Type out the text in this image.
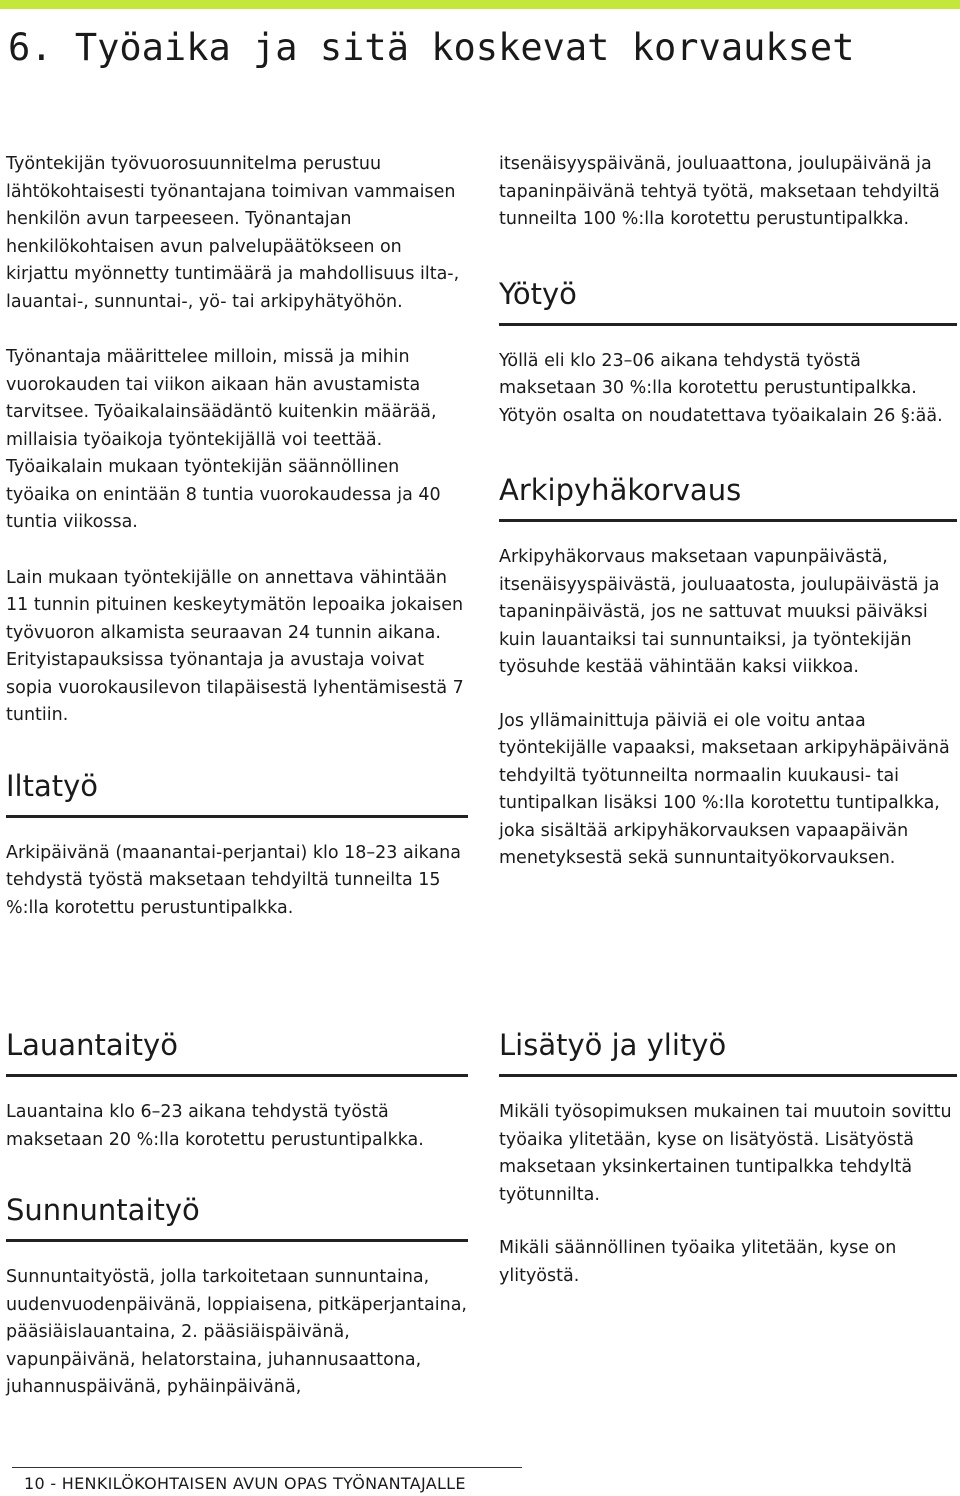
6. Työaika ja sitä koskevat korvaukset

Työntekijän työvuorosuunnitelma perustuu lähtökohtaisesti työnantajana toimivan vammaisen henkilön avun tarpeeseen. Työnantajan henkilökohtaisen avun palvelupäätökseen on kirjattu myönnetty tuntimäärä ja mahdollisuus ilta-, lauantai-, sunnuntai-, yö- tai arkipyhätyöhön.

Työnantaja määrittelee milloin, missä ja mihin vuorokauden tai viikon aikaan hän avustamista tarvitsee. Työaikalainsäädäntö kuitenkin määrää, millaisia työaikoja työntekijällä voi teettää. Työaikalain mukaan työntekijän säännöllinen työaika on enintään 8 tuntia vuorokaudessa ja 40 tuntia viikossa.

Lain mukaan työntekijälle on annettava vähintään 11 tunnin pituinen keskeytymätön lepoaika jokaisen työvuoron alkamista seuraavan 24 tunnin aikana. Erityistapauksissa työnantaja ja avustaja voivat sopia vuorokausilevon tilapäisestä lyhentämisestä 7 tuntiin.

Iltatyö

Arkipäivänä (maanantai-perjantai) klo 18–23 aikana tehdystä työstä maksetaan tehdyiltä tunneilta 15 %:lla korotettu perustuntipalkka.

itsenäisyyspäivänä, jouluaattona, joulupäivänä ja tapaninpäivänä tehtyä työtä, maksetaan tehdyiltä tunneilta 100 %:lla korotettu perustuntipalkka.

Yötyö

Yöllä eli klo 23–06 aikana tehdystä työstä maksetaan 30 %:lla korotettu perustuntipalkka. Yötyön osalta on noudatettava työaikalain 26 §:ää.

Arkipyhäkorvaus

Arkipyhäkorvaus maksetaan vapunpäivästä, itsenäisyyspäivästä, jouluaatosta, joulupäivästä ja tapaninpäivästä, jos ne sattuvat muuksi päiväksi kuin lauantaiksi tai sunnuntaiksi, ja työntekijän työsuhde kestää vähintään kaksi viikkoa.

Jos yllämainittuja päiviä ei ole voitu antaa työntekijälle vapaaksi, maksetaan arkipyhäpäivänä tehdyiltä työtunneilta normaalin kuukausi- tai tuntipalkan lisäksi 100 %:lla korotettu tuntipalkka, joka sisältää arkipyhäkorvauksen vapaapäivän menetyksestä sekä sunnuntaityökorvauksen.

Lauantaityö

Lauantaina klo 6–23 aikana tehdystä työstä maksetaan 20 %:lla korotettu perustuntipalkka.

Sunnuntaityö

Sunnuntaityöstä, jolla tarkoitetaan sunnuntaina, uudenvuodenpäivänä, loppiaisena, pitkäperjantaina, pääsiäislauantaina, 2. pääsiäispäivänä, vapunpäivänä, helatorstaina, juhannusaattona, juhannuspäivänä, pyhäinpäivänä,

Lisätyö ja ylityö

Mikäli työsopimuksen mukainen tai muutoin sovittu työaika ylitetään, kyse on lisätyöstä. Lisätyöstä maksetaan yksinkertainen tuntipalkka tehdyltä työtunnilta.

Mikäli säännöllinen työaika ylitetään, kyse on ylityöstä.

10 - HENKILÖKOHTAISEN AVUN OPAS TYÖNANTAJALLE
